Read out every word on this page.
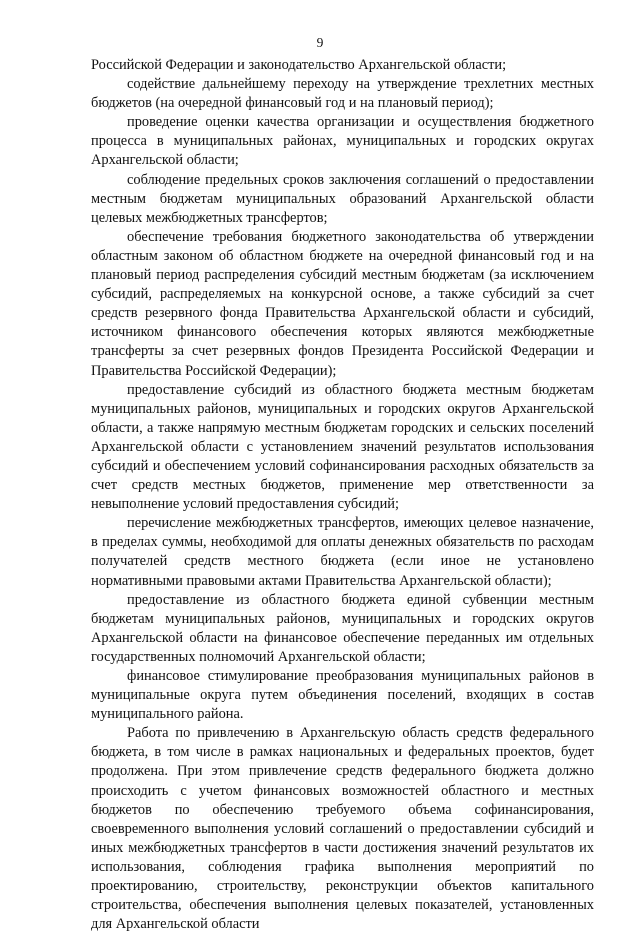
9

Российской Федерации и законодательство Архангельской области;

содействие дальнейшему переходу на утверждение трехлетних местных бюджетов (на очередной финансовый год и на плановый период);

проведение оценки качества организации и осуществления бюджетного процесса в муниципальных районах, муниципальных и городских округах Архангельской области;

соблюдение предельных сроков заключения соглашений о предоставлении местным бюджетам муниципальных образований Архангельской области целевых межбюджетных трансфертов;

обеспечение требования бюджетного законодательства об утверждении областным законом об областном бюджете на очередной финансовый год и на плановый период распределения субсидий местным бюджетам (за исключением субсидий, распределяемых на конкурсной основе, а также субсидий за счет средств резервного фонда Правительства Архангельской области и субсидий, источником финансового обеспечения которых являются межбюджетные трансферты за счет резервных фондов Президента Российской Федерации и Правительства Российской Федерации);

предоставление субсидий из областного бюджета местным бюджетам муниципальных районов, муниципальных и городских округов Архангельской области, а также напрямую местным бюджетам городских и сельских поселений Архангельской области с установлением значений результатов использования субсидий и обеспечением условий софинансирования расходных обязательств за счет средств местных бюджетов, применение мер ответственности за невыполнение условий предоставления субсидий;

перечисление межбюджетных трансфертов, имеющих целевое назначение, в пределах суммы, необходимой для оплаты денежных обязательств по расходам получателей средств местного бюджета (если иное не установлено нормативными правовыми актами Правительства Архангельской области);

предоставление из областного бюджета единой субвенции местным бюджетам муниципальных районов, муниципальных и городских округов Архангельской области на финансовое обеспечение переданных им отдельных государственных полномочий Архангельской области;

финансовое стимулирование преобразования муниципальных районов в муниципальные округа путем объединения поселений, входящих в состав муниципального района.

Работа по привлечению в Архангельскую область средств федерального бюджета, в том числе в рамках национальных и федеральных проектов, будет продолжена. При этом привлечение средств федерального бюджета должно происходить с учетом финансовых возможностей областного и местных бюджетов по обеспечению требуемого объема софинансирования, своевременного выполнения условий соглашений о предоставлении субсидий и иных межбюджетных трансфертов в части достижения значений результатов их использования, соблюдения графика выполнения мероприятий по проектированию, строительству, реконструкции объектов капитального строительства, обеспечения выполнения целевых показателей, установленных для Архангельской области
